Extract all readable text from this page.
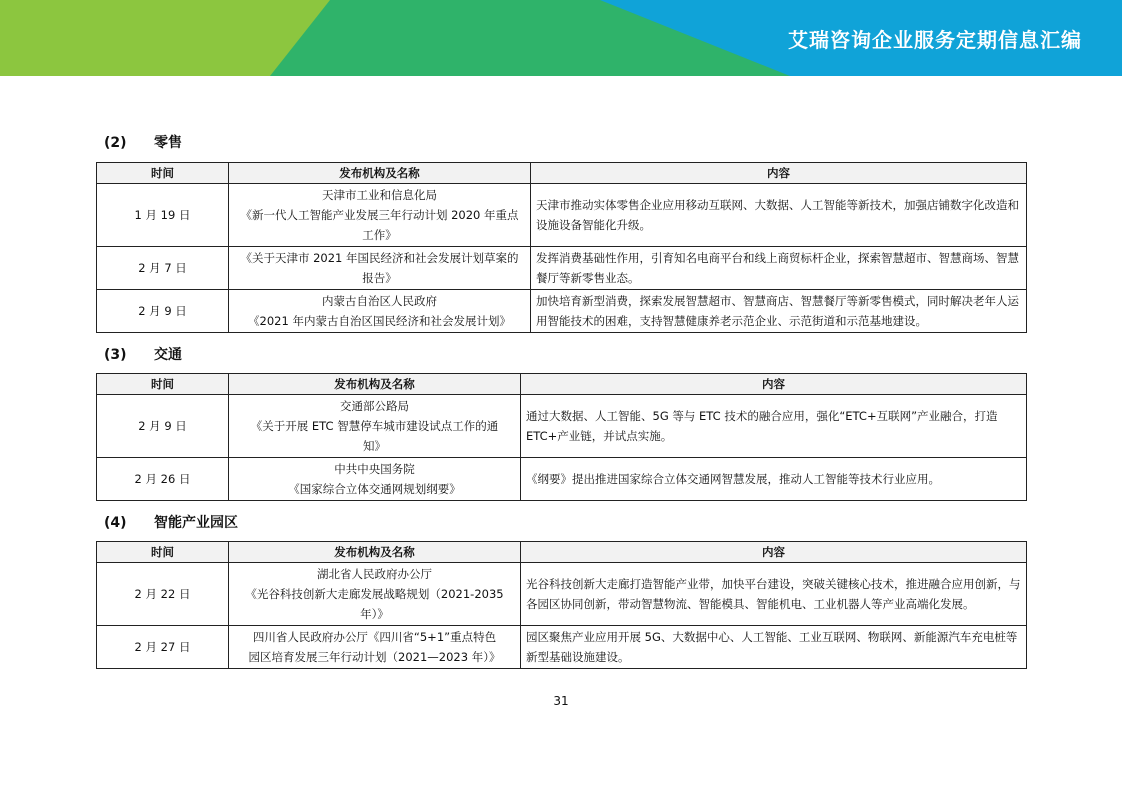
艾瑞咨询企业服务定期信息汇编
(2) 零售
时间	发布机构及名称	内容
1 月 19 日	天津市工业和信息化局
《新一代人工智能产业发展三年行动计划 2020 年重点
工作》	天津市推动实体零售企业应用移动互联网、大数据、人工智能等新技术，加强店铺数字化改造和设施设备智能化升级。
2 月 7 日	《关于天津市 2021 年国民经济和社会发展计划草案的
报告》	发挥消费基础性作用，引育知名电商平台和线上商贸标杆企业，探索智慧超市、智慧商场、智慧餐厅等新零售业态。
2 月 9 日	内蒙古自治区人民政府
《2021 年内蒙古自治区国民经济和社会发展计划》	加快培育新型消费，探索发展智慧超市、智慧商店、智慧餐厅等新零售模式，同时解决老年人运用智能技术的困难，支持智慧健康养老示范企业、示范街道和示范基地建设。
(3) 交通
时间	发布机构及名称	内容
2 月 9 日	交通部公路局
《关于开展 ETC 智慧停车城市建设试点工作的通
知》	通过大数据、人工智能、5G 等与 ETC 技术的融合应用，强化“ETC+互联网”产业融合，打造 ETC+产业链，并试点实施。
2 月 26 日	中共中央国务院
《国家综合立体交通网规划纲要》	《纲要》提出推进国家综合立体交通网智慧发展，推动人工智能等技术行业应用。
(4) 智能产业园区
时间	发布机构及名称	内容
2 月 22 日	湖北省人民政府办公厅
《光谷科技创新大走廊发展战略规划（2021-2035
年）》	光谷科技创新大走廊打造智能产业带，加快平台建设，突破关键核心技术，推进融合应用创新，与各园区协同创新，带动智慧物流、智能模具、智能机电、工业机器人等产业高端化发展。
2 月 27 日	四川省人民政府办公厅《四川省“5+1”重点特色
园区培育发展三年行动计划（2021—2023 年）》	园区聚焦产业应用开展 5G、大数据中心、人工智能、工业互联网、物联网、新能源汽车充电桩等新型基础设施建设。
31
